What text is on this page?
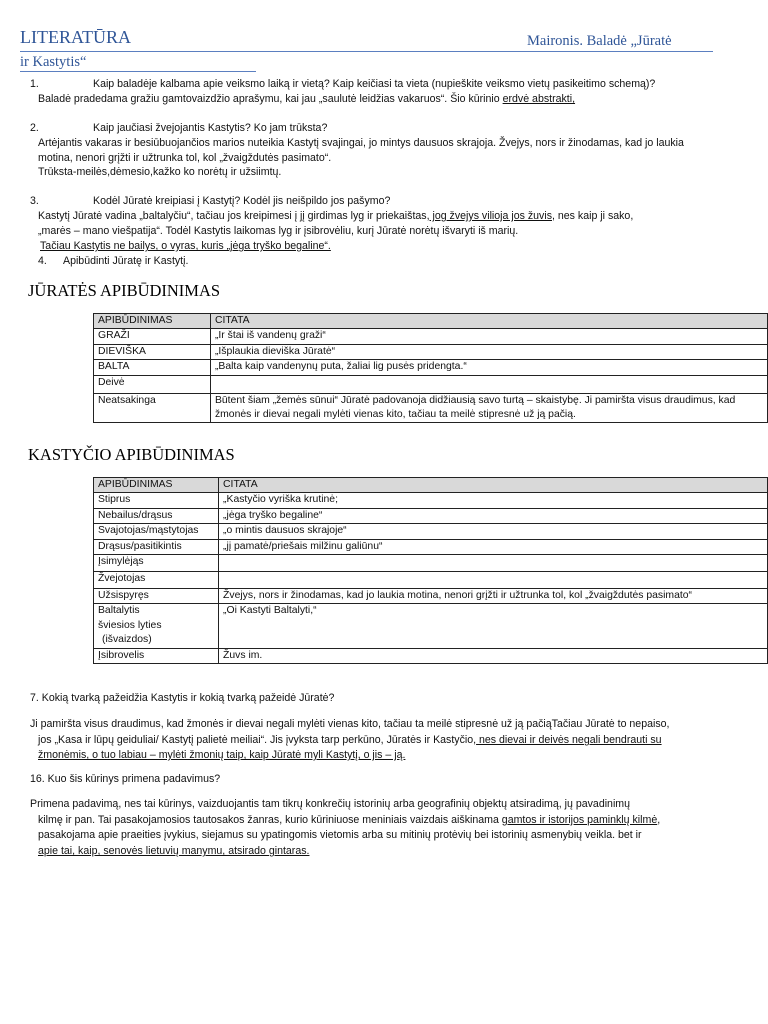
LITERATŪRA	Maironis. Baladė „Jūratė
ir Kastytis“
1.	Kaip baladėje kalbama apie veiksmo laiką ir vietą? Kaip keičiasi ta vieta (nupieškite veiksmo vietų pasikeitimo schemą)?
Baladė pradedama gražiu gamtovaizdžio aprašymu, kai jau „saulutė leidžias vakaruos“. Šio kūrinio erdvė abstrakti,
2.	Kaip jaučiasi žvejojantis Kastytis? Ko jam trūksta?
Artėjantis vakaras ir besiūbuojančios marios nuteikia Kastytį svajingai, jo mintys dausuos skrajoja. Žvejys, nors ir žinodamas, kad jo laukia
motina, nenori grįžti ir užtrunka tol, kol „žvaigždutės pasimato“.
Trūksta-meilės,dėmesio,kažko ko norėtų ir užsiimtų.
3.	Kodėl Jūratė kreipiasi į Kastytį? Kodėl jis neišpildo jos pašymo?
Kastytį Jūratė vadina „baltalyčiu“, tačiau jos kreipimesi į jį girdimas lyg ir priekaištas, jog žvejys vilioja jos žuvis, nes kaip ji sako,
„marės – mano viešpatija“. Todėl Kastytis laikomas lyg ir įsibrovėliu, kurį Jūratė norėtų išvaryti iš marių.
Tačiau Kastytis ne bailys, o vyras, kuris „jėga tryško begaline“.
4. Apibūdinti Jūratę ir Kastytį.
JŪRATĖS APIBŪDINIMAS
APIBŪDINIMAS	CITATA
GRAŽI	„Ir štai iš vandenų graži“
DIEVIŠKA	„Išplaukia dieviška Jūratė“
BALTA	„Balta kaip vandenynų puta, žaliai lig pusės pridengta.“
Deivė	
Neatsakinga	Būtent šiam „žemės sūnui“ Jūratė padovanoja didžiausią savo turtą – skaistybę. Ji pamiršta visus draudimus, kad
žmonės ir dievai negali mylėti vienas kito, tačiau ta meilė stipresnė už ją pačią.
KASTYČIO APIBŪDINIMAS
APIBŪDINIMAS	CITATA
Stiprus	„Kastyčio vyriška krutinė;
Nebailus/drąsus	„jėga tryško begaline“
Svajotojas/mąstytojas	„o mintis dausuos skrajoje“
Drąsus/pasitikintis	„jį pamatė/priešais milžinu galiūnu“
Įsimylėjąs	
Žvejotojas	
Užsispyręs	Žvejys, nors ir žinodamas, kad jo laukia motina, nenori grįžti ir užtrunka tol, kol „žvaigždutės pasimato“

Baltalytis
šviesios lyties
(išvaizdos)	„Oi Kastyti Baltalyti,“
Įsibrovelis	Žuvs im.
7. Kokią tvarką pažeidžia Kastytis ir kokią tvarką pažeidė Jūratė?
Ji pamiršta visus draudimus, kad žmonės ir dievai negali mylėti vienas kito, tačiau ta meilė stipresnė už ją pačiąTačiau Jūratė to nepaiso,
jos „Kasa ir lūpų geiduliai/ Kastytį palietė meiliai“. Jis įvyksta tarp perkūno, Jūratės ir Kastyčio, nes dievai ir deivės negali bendrauti su
žmonėmis, o tuo labiau – mylėti žmonių taip, kaip Jūratė myli Kastytį, o jis – ją.
16. Kuo šis kūrinys primena padavimus?
Primena padavimą, nes tai kūrinys, vaizduojantis tam tikrų konkrečių istorinių arba geografinių objektų atsiradimą, jų pavadinimų
kilmę ir pan. Tai pasakojamosios tautosakos žanras, kurio kūriniuose meniniais vaizdais aiškinama gamtos ir istorijos paminklų kilmė,
pasakojama apie praeities įvykius, siejamus su ypatingomis vietomis arba su mitinių protėvių bei istorinių asmenybių veikla. bet ir
apie tai, kaip, senovės lietuvių manymu, atsirado gintaras.
